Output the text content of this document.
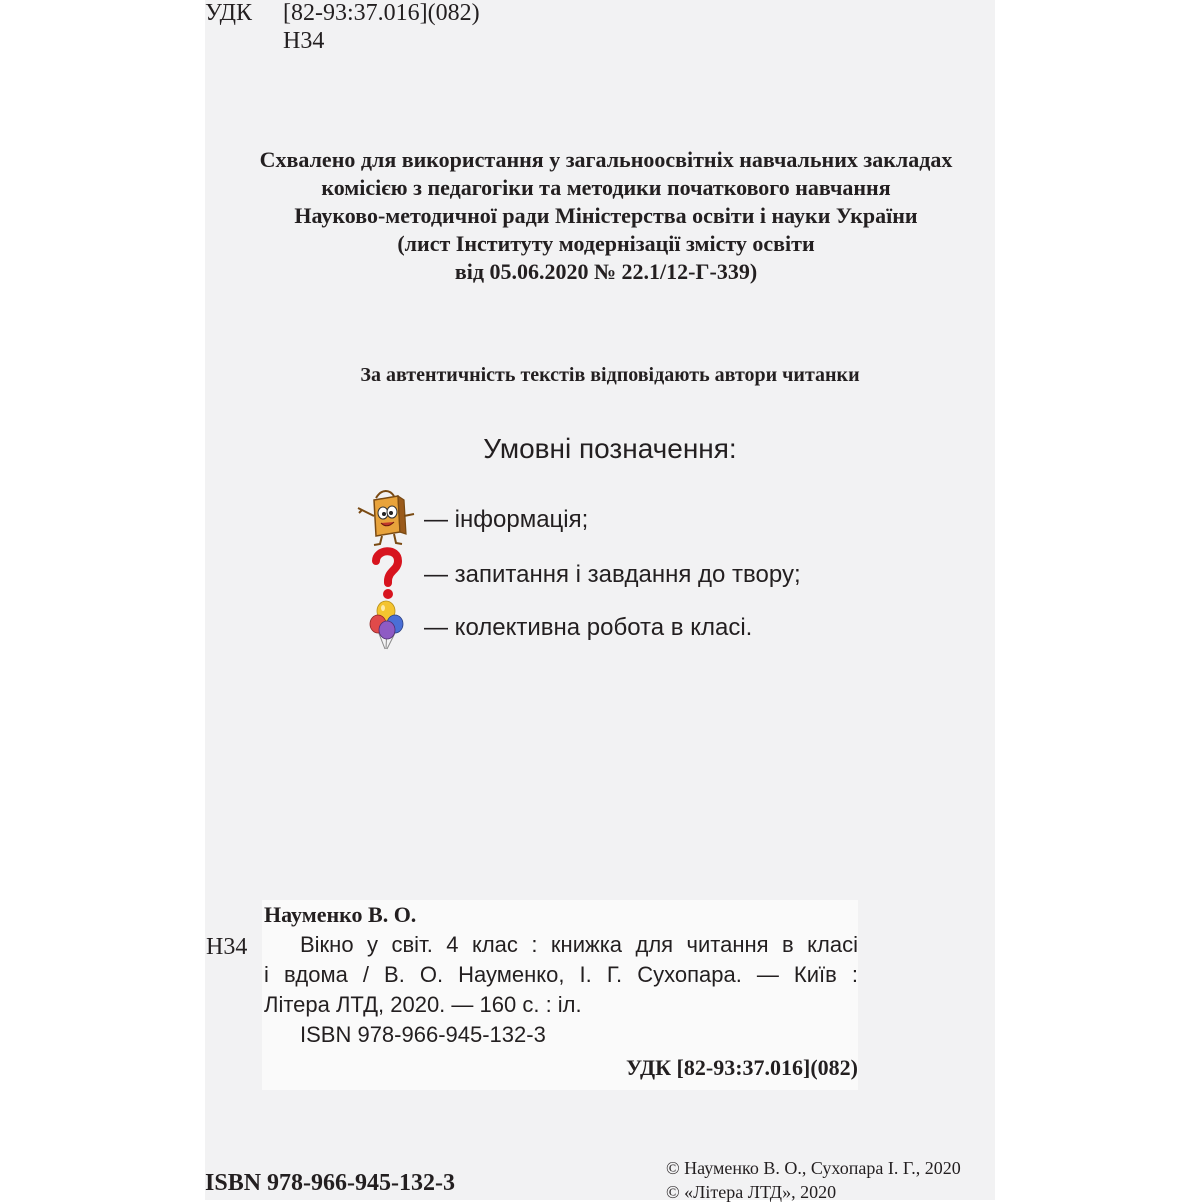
УДК [82-93:37.016](082)
Н34
Схвалено для використання у загальноосвітніх навчальних закладах
комісією з педагогіки та методики початкового навчання
Науково-методичної ради Міністерства освіти і науки України
(лист Інституту модернізації змісту освіти
від 05.06.2020 № 22.1/12-Г-339)
За автентичність текстів відповідають автори читанки
Умовні позначення:
— інформація;
— запитання і завдання до твору;
— колективна робота в класі.
Науменко В. О.
Н34	Вікно у світ. 4 клас : книжка для читання в класі
і вдома / В. О. Науменко, І. Г. Сухопара. — Київ :
Літера ЛТД, 2020. — 160 с. : іл.
ISBN 978-966-945-132-3
УДК [82-93:37.016](082)
ISBN 978-966-945-132-3
© Науменко В. О., Сухопара І. Г., 2020
© «Літера ЛТД», 2020
